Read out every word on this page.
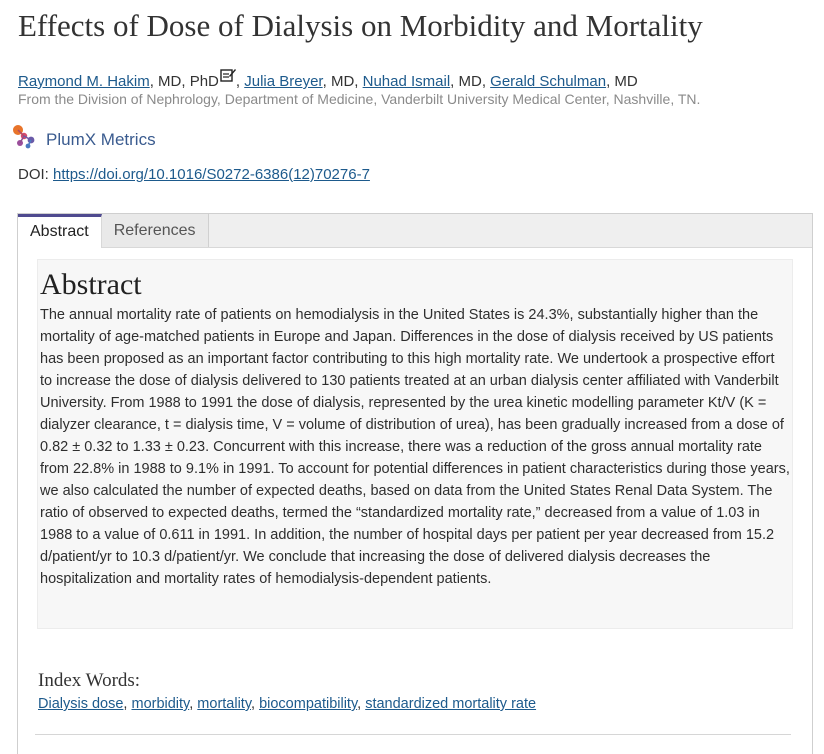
Effects of Dose of Dialysis on Morbidity and Mortality
Raymond M. Hakim, MD, PhD , Julia Breyer, MD, Nuhad Ismail, MD, Gerald Schulman, MD
From the Division of Nephrology, Department of Medicine, Vanderbilt University Medical Center, Nashville, TN.
PlumX Metrics
DOI: https://doi.org/10.1016/S0272-6386(12)70276-7
Abstract	References
Abstract

The annual mortality rate of patients on hemodialysis in the United States is 24.3%, substantially higher than the mortality of age-matched patients in Europe and Japan. Differences in the dose of dialysis received by US patients has been proposed as an important factor contributing to this high mortality rate. We undertook a prospective effort to increase the dose of dialysis delivered to 130 patients treated at an urban dialysis center affiliated with Vanderbilt University. From 1988 to 1991 the dose of dialysis, represented by the urea kinetic modelling parameter Kt/V (K = dialyzer clearance, t = dialysis time, V = volume of distribution of urea), has been gradually increased from a dose of 0.82 ± 0.32 to 1.33 ± 0.23. Concurrent with this increase, there was a reduction of the gross annual mortality rate from 22.8% in 1988 to 9.1% in 1991. To account for potential differences in patient characteristics during those years, we also calculated the number of expected deaths, based on data from the United States Renal Data System. The ratio of observed to expected deaths, termed the “standardized mortality rate,” decreased from a value of 1.03 in 1988 to a value of 0.611 in 1991. In addition, the number of hospital days per patient per year decreased from 15.2 d/patient/yr to 10.3 d/patient/yr. We conclude that increasing the dose of delivered dialysis decreases the hospitalization and mortality rates of hemodialysis-dependent patients.

Index Words:
Dialysis dose, morbidity, mortality, biocompatibility, standardized mortality rate
